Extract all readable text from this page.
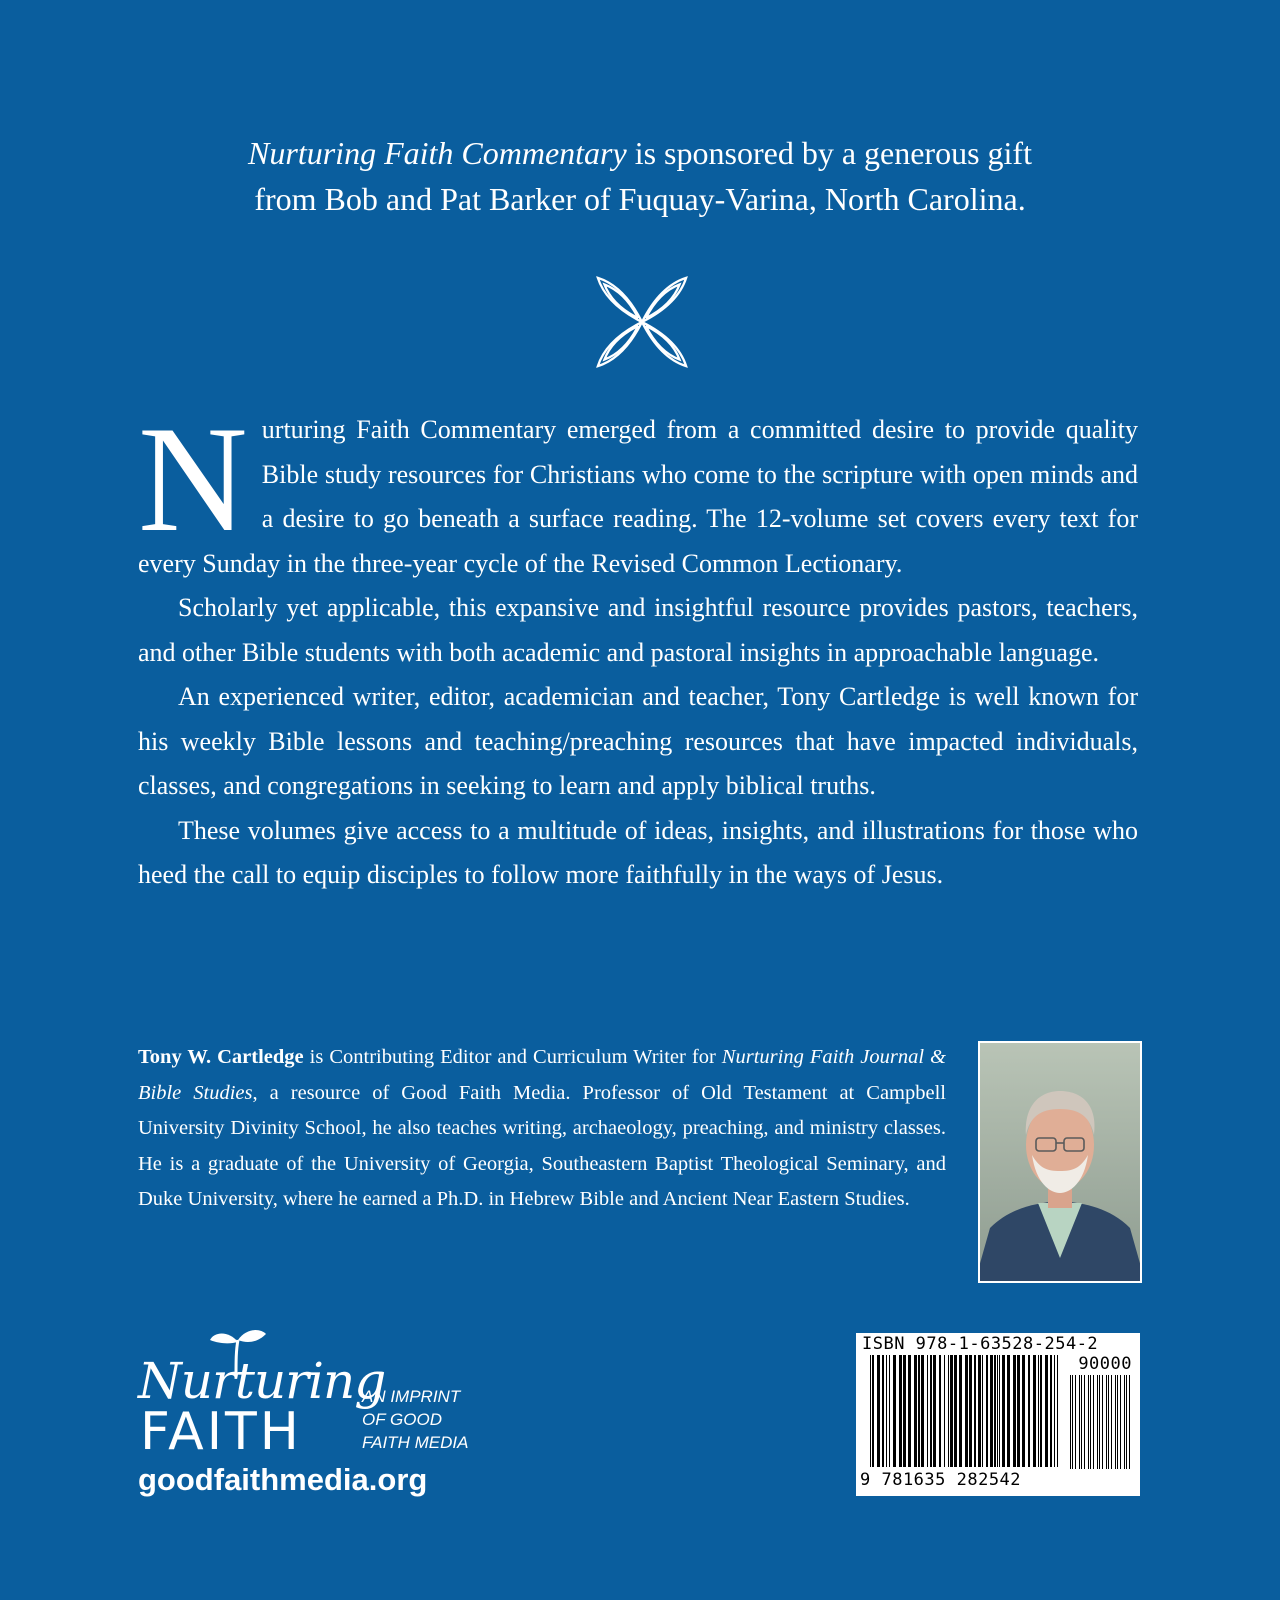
Nurturing Faith Commentary is sponsored by a generous gift
from Bob and Pat Barker of Fuquay-Varina, North Carolina.

Nurturing Faith Commentary emerged from a committed desire to provide quality Bible study resources for Christians who come to the scripture with open minds and a desire to go beneath a surface reading. The 12-volume set covers every text for every Sunday in the three-year cycle of the Revised Common Lectionary.

Scholarly yet applicable, this expansive and insightful resource provides pastors, teachers, and other Bible students with both academic and pastoral insights in approachable language.

An experienced writer, editor, academician and teacher, Tony Cartledge is well known for his weekly Bible lessons and teaching/preaching resources that have impacted individuals, classes, and congregations in seeking to learn and apply biblical truths.

These volumes give access to a multitude of ideas, insights, and illustrations for those who heed the call to equip disciples to follow more faithfully in the ways of Jesus.

Tony W. Cartledge is Contributing Editor and Curriculum Writer for Nurturing Faith Journal & Bible Studies, a resource of Good Faith Media. Professor of Old Testament at Campbell University Divinity School, he also teaches writing, archaeology, preaching, and ministry classes. He is a graduate of the University of Georgia, Southeastern Baptist Theological Seminary, and Duke University, where he earned a Ph.D. in Hebrew Bible and Ancient Near Eastern Studies.
Nurturing
FAITH
AN IMPRINT
OF GOOD
FAITH MEDIA
goodfaithmedia.org
ISBN 978-1-63528-254-2
90000
9 781635 282542
